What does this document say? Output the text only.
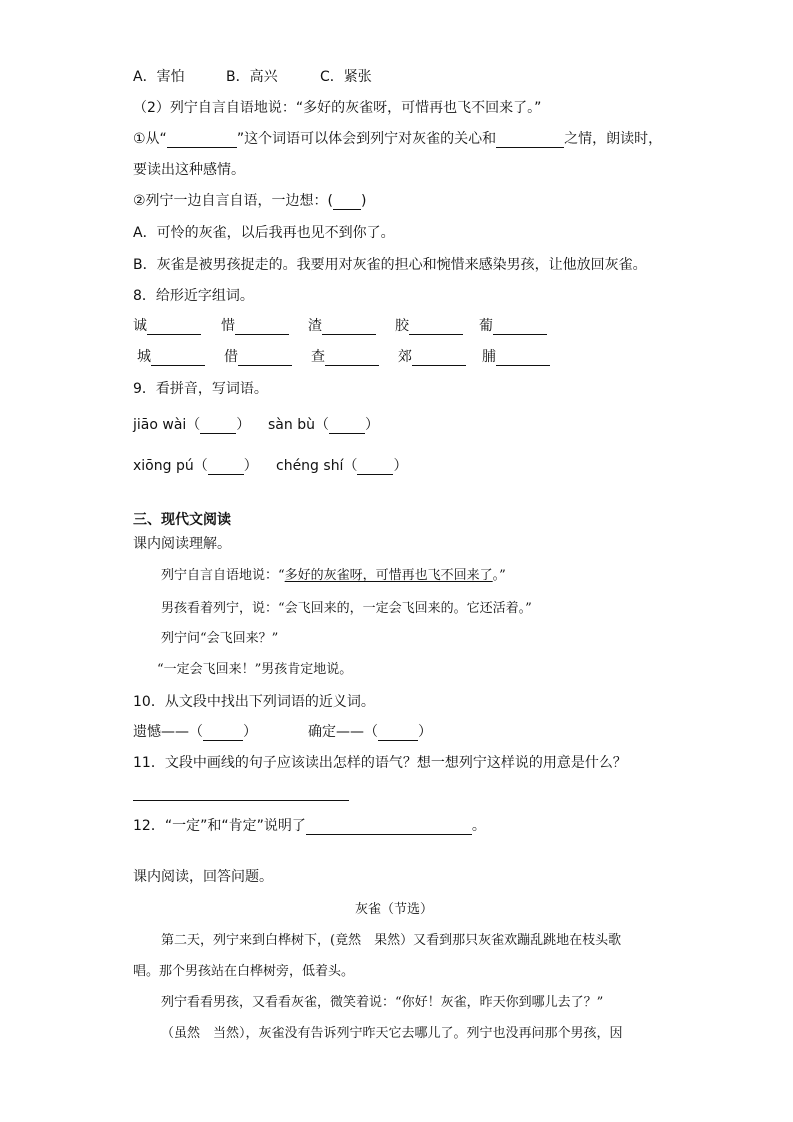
A．害怕	B．高兴	C．紧张
（2）列宁自言自语地说：“多好的灰雀呀，可惜再也飞不回来了。”
①从“	”这个词语可以体会到列宁对灰雀的关心和	之情，朗读时，
要读出这种感情。
②列宁一边自言自语，一边想：( )
A．可怜的灰雀，以后我再也见不到你了。
B．灰雀是被男孩捉走的。我要用对灰雀的担心和惋惜来感染男孩，让他放回灰雀。
8．给形近字组词。
诚	惜	渣	胶	葡
城	借	查	郊	脯
9．看拼音，写词语。
jiāo wài（	） sàn bù（	）
xiōng pú（	） chéng shí（	）
三、现代文阅读
课内阅读理解。
列宁自言自语地说：“多好的灰雀呀，可惜再也飞不回来了。”
男孩看着列宁，说：“会飞回来的，一定会飞回来的。它还活着。”
列宁问“会飞回来？”
“一定会飞回来！”男孩肯定地说。
10．从文段中找出下列词语的近义词。
遗憾——（	）	确定——（	）
11．文段中画线的句子应该读出怎样的语气？想一想列宁这样说的用意是什么？
12．“一定”和“肯定”说明了	。
课内阅读，回答问题。
灰雀（节选）
第二天，列宁来到白桦树下，(竟然　果然）又看到那只灰雀欢蹦乱跳地在枝头歌
唱。那个男孩站在白桦树旁，低着头。
列宁看看男孩，又看看灰雀，微笑着说：“你好！灰雀，昨天你到哪儿去了？”
（虽然　当然），灰雀没有告诉列宁昨天它去哪儿了。列宁也没再问那个男孩，因
